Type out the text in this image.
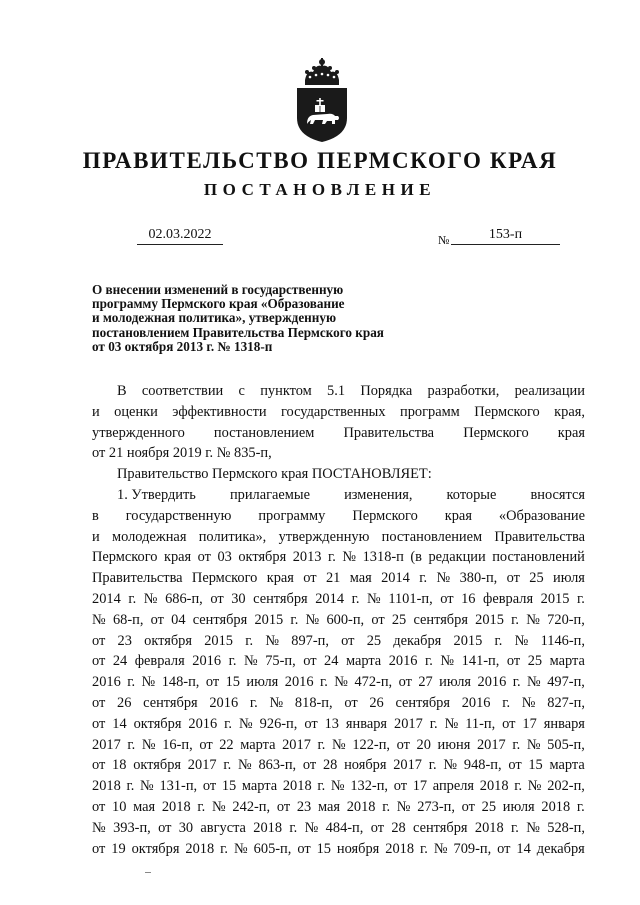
ПРАВИТЕЛЬСТВО ПЕРМСКОГО КРАЯ
ПОСТАНОВЛЕНИЕ
02.03.2022	№	153-п
О внесении изменений в государственную
программу Пермского края «Образование
и молодежная политика», утвержденную
постановлением Правительства Пермского края
от 03 октября 2013 г. № 1318-п
В соответствии с пунктом 5.1 Порядка разработки, реализации
и оценки эффективности государственных программ Пермского края,
утвержденного постановлением Правительства Пермского края
от 21 ноября 2019 г. № 835-п,
Правительство Пермского края ПОСТАНОВЛЯЕТ:
1. Утвердить прилагаемые изменения, которые вносятся
в государственную программу Пермского края «Образование
и молодежная политика», утвержденную постановлением Правительства
Пермского края от 03 октября 2013 г. № 1318-п (в редакции постановлений
Правительства Пермского края от 21 мая 2014 г. № 380-п, от 25 июля
2014 г. № 686-п, от 30 сентября 2014 г. № 1101-п, от 16 февраля 2015 г.
№ 68-п, от 04 сентября 2015 г. № 600-п, от 25 сентября 2015 г. № 720-п,
от 23 октября 2015 г. № 897-п, от 25 декабря 2015 г. № 1146-п,
от 24 февраля 2016 г. № 75-п, от 24 марта 2016 г. № 141-п, от 25 марта
2016 г. № 148-п, от 15 июля 2016 г. № 472-п, от 27 июля 2016 г. № 497-п,
от 26 сентября 2016 г. № 818-п, от 26 сентября 2016 г. № 827-п,
от 14 октября 2016 г. № 926-п, от 13 января 2017 г. № 11-п, от 17 января
2017 г. № 16-п, от 22 марта 2017 г. № 122-п, от 20 июня 2017 г. № 505-п,
от 18 октября 2017 г. № 863-п, от 28 ноября 2017 г. № 948-п, от 15 марта
2018 г. № 131-п, от 15 марта 2018 г. № 132-п, от 17 апреля 2018 г. № 202-п,
от 10 мая 2018 г. № 242-п, от 23 мая 2018 г. № 273-п, от 25 июля 2018 г.
№ 393-п, от 30 августа 2018 г. № 484-п, от 28 сентября 2018 г. № 528-п,
от 19 октября 2018 г. № 605-п, от 15 ноября 2018 г. № 709-п, от 14 декабря
